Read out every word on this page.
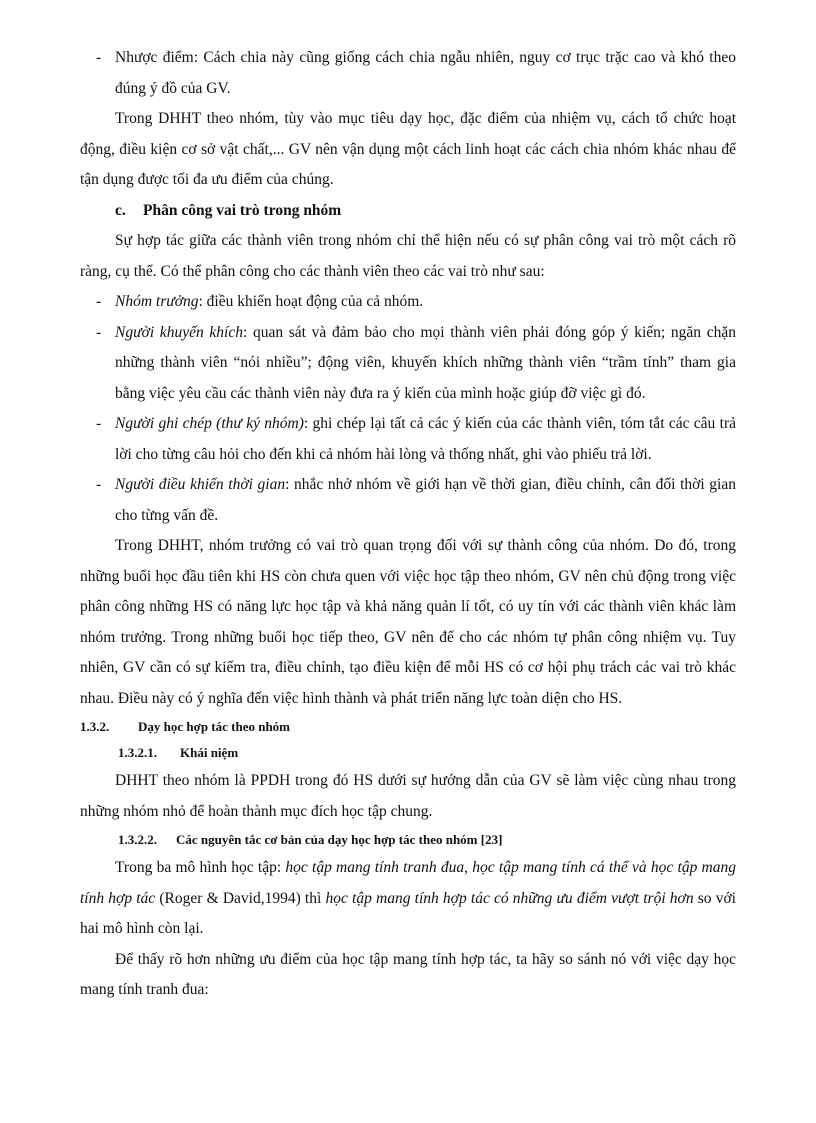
- Nhược điểm: Cách chia này cũng giống cách chia ngẫu nhiên, nguy cơ trục trặc cao và khó theo đúng ý đồ của GV.

Trong DHHT theo nhóm, tùy vào mục tiêu dạy học, đặc điểm của nhiệm vụ, cách tổ chức hoạt động, điều kiện cơ sở vật chất,... GV nên vận dụng một cách linh hoạt các cách chia nhóm khác nhau để tận dụng được tối đa ưu điểm của chúng.

c. Phân công vai trò trong nhóm

Sự hợp tác giữa các thành viên trong nhóm chỉ thể hiện nếu có sự phân công vai trò một cách rõ ràng, cụ thể. Có thể phân công cho các thành viên theo các vai trò như sau:

- Nhóm trưởng: điều khiển hoạt động của cả nhóm.

- Người khuyến khích: quan sát và đảm bảo cho mọi thành viên phải đóng góp ý kiến; ngăn chặn những thành viên “nói nhiều”; động viên, khuyến khích những thành viên “trầm tính” tham gia bằng việc yêu cầu các thành viên này đưa ra ý kiến của mình hoặc giúp đỡ việc gì đó.

- Người ghi chép (thư ký nhóm): ghi chép lại tất cả các ý kiến của các thành viên, tóm tắt các câu trả lời cho từng câu hỏi cho đến khi cả nhóm hài lòng và thống nhất, ghi vào phiếu trả lời.

- Người điều khiển thời gian: nhắc nhở nhóm về giới hạn về thời gian, điều chỉnh, cân đối thời gian cho từng vấn đề.

Trong DHHT, nhóm trưởng có vai trò quan trọng đối với sự thành công của nhóm. Do đó, trong những buổi học đầu tiên khi HS còn chưa quen với việc học tập theo nhóm, GV nên chủ động trong việc phân công những HS có năng lực học tập và khả năng quản lí tốt, có uy tín với các thành viên khác làm nhóm trưởng. Trong những buổi học tiếp theo, GV nên để cho các nhóm tự phân công nhiệm vụ. Tuy nhiên, GV cần có sự kiểm tra, điều chỉnh, tạo điều kiện để mỗi HS có cơ hội phụ trách các vai trò khác nhau. Điều này có ý nghĩa đến việc hình thành và phát triển năng lực toàn diện cho HS.

1.3.2. Dạy học hợp tác theo nhóm

1.3.2.1. Khái niệm

DHHT theo nhóm là PPDH trong đó HS dưới sự hướng dẫn của GV sẽ làm việc cùng nhau trong những nhóm nhỏ để hoàn thành mục đích học tập chung.

1.3.2.2. Các nguyên tắc cơ bản của dạy học hợp tác theo nhóm [23]

Trong ba mô hình học tập: học tập mang tính tranh đua, học tập mang tính cá thể và học tập mang tính hợp tác (Roger & David,1994) thì học tập mang tính hợp tác có những ưu điểm vượt trội hơn so với hai mô hình còn lại.

Để thấy rõ hơn những ưu điểm của học tập mang tính hợp tác, ta hãy so sánh nó với việc dạy học mang tính tranh đua:
